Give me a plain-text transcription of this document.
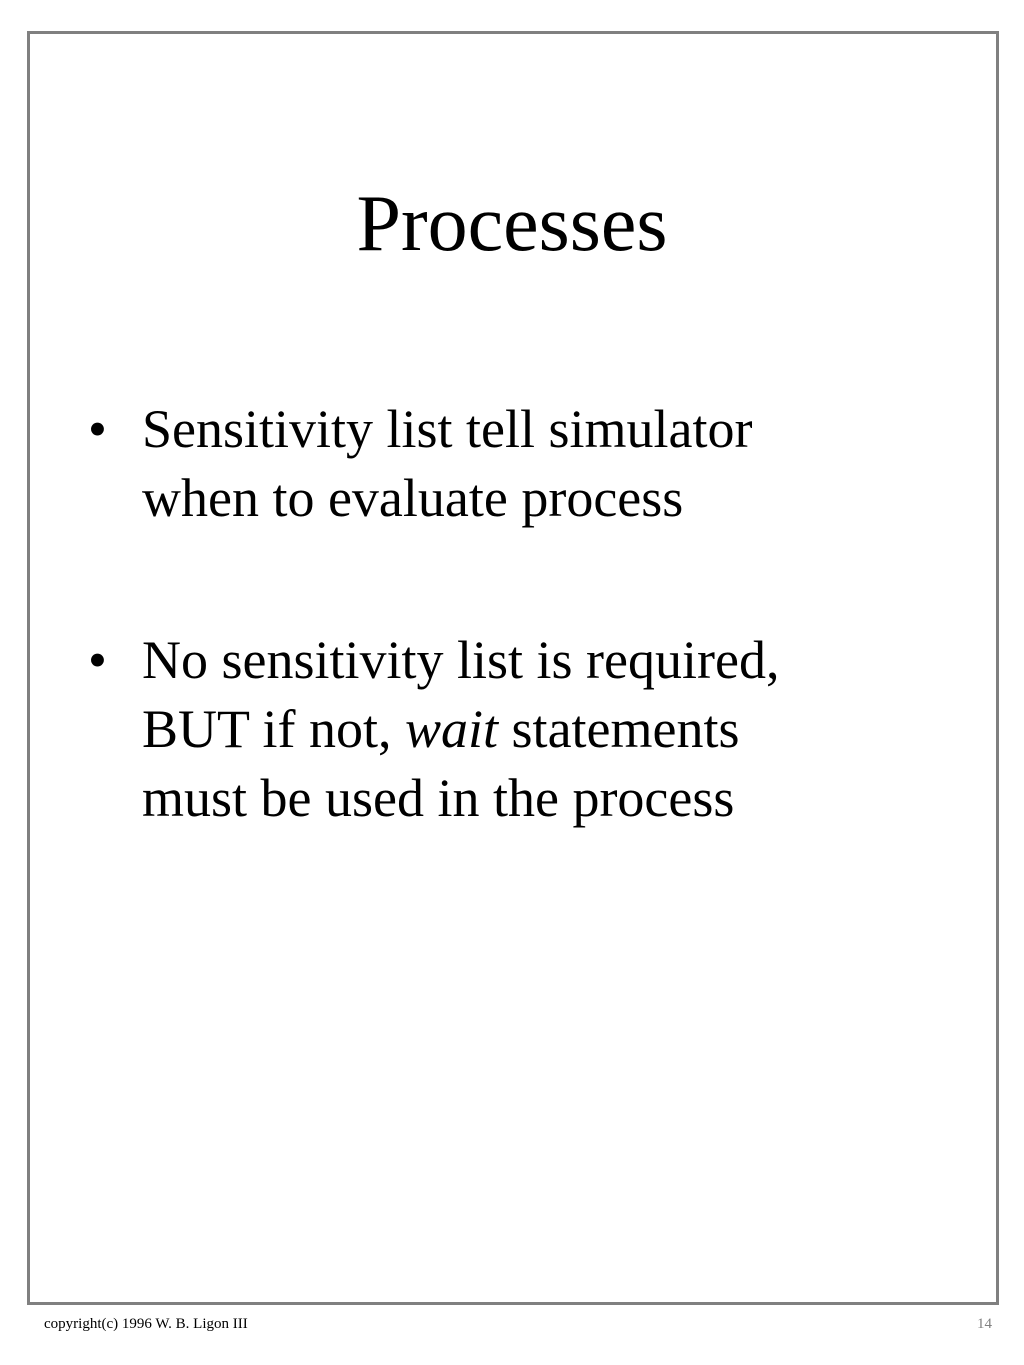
Processes
• Sensitivity list tell simulator
when to evaluate process
• No sensitivity list is required,
BUT if not, wait statements
must be used in the process
copyright(c) 1996 W. B. Ligon III	14
